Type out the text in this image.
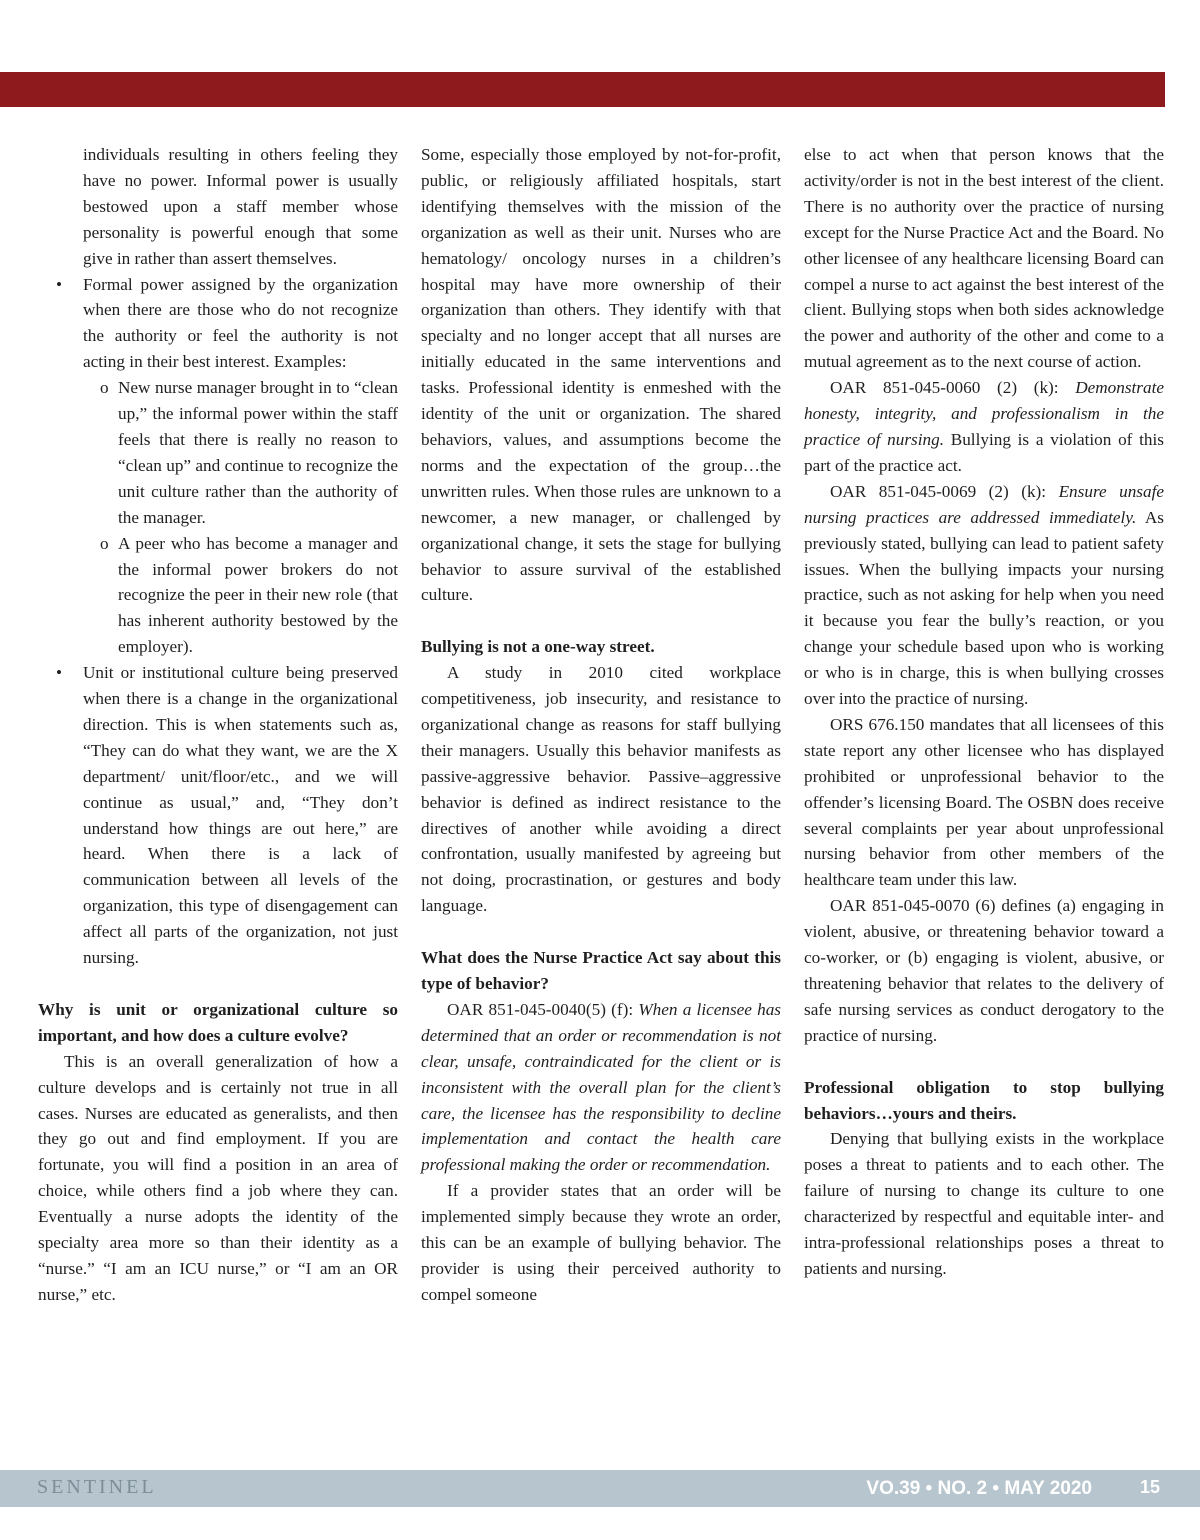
individuals resulting in others feeling they have no power. Informal power is usually bestowed upon a staff member whose personality is powerful enough that some give in rather than assert themselves.

• Formal power assigned by the organization when there are those who do not recognize the authority or feel the authority is not acting in their best interest. Examples:

o New nurse manager brought in to “clean up,” the informal power within the staff feels that there is really no reason to “clean up” and continue to recognize the unit culture rather than the authority of the manager.
o A peer who has become a manager and the informal power brokers do not recognize the peer in their new role (that has inherent authority bestowed by the employer).
• Unit or institutional culture being preserved when there is a change in the organizational direction. This is when statements such as, “They can do what they want, we are the X department/ unit/floor/etc., and we will continue as usual,” and, “They don’t understand how things are out here,” are heard. When there is a lack of communication between all levels of the organization, this type of disengagement can affect all parts of the organization, not just nursing.

Why is unit or organizational culture so important, and how does a culture evolve?

This is an overall generalization of how a culture develops and is certainly not true in all cases. Nurses are educated as generalists, and then they go out and find employment. If you are fortunate, you will find a position in an area of choice, while others find a job where they can. Eventually a nurse adopts the identity of the specialty area more so than their identity as a “nurse.” “I am an ICU nurse,” or “I am an OR nurse,” etc.

Some, especially those employed by not-for-profit, public, or religiously affiliated hospitals, start identifying themselves with the mission of the organization as well as their unit. Nurses who are hematology/ oncology nurses in a children’s hospital may have more ownership of their organization than others. They identify with that specialty and no longer accept that all nurses are initially educated in the same interventions and tasks. Professional identity is enmeshed with the identity of the unit or organization. The shared behaviors, values, and assumptions become the norms and the expectation of the group…the unwritten rules. When those rules are unknown to a newcomer, a new manager, or challenged by organizational change, it sets the stage for bullying behavior to assure survival of the established culture.

Bullying is not a one-way street.

A study in 2010 cited workplace competitiveness, job insecurity, and resistance to organizational change as reasons for staff bullying their managers. Usually this behavior manifests as passive-aggressive behavior. Passive–aggressive behavior is defined as indirect resistance to the directives of another while avoiding a direct confrontation, usually manifested by agreeing but not doing, procrastination, or gestures and body language.

What does the Nurse Practice Act say about this type of behavior?

OAR 851-045-0040(5) (f): When a licensee has determined that an order or recommendation is not clear, unsafe, contraindicated for the client or is inconsistent with the overall plan for the client’s care, the licensee has the responsibility to decline implementation and contact the health care professional making the order or recommendation.

If a provider states that an order will be implemented simply because they wrote an order, this can be an example of bullying behavior. The provider is using their perceived authority to compel someone

else to act when that person knows that the activity/order is not in the best interest of the client. There is no authority over the practice of nursing except for the Nurse Practice Act and the Board. No other licensee of any healthcare licensing Board can compel a nurse to act against the best interest of the client. Bullying stops when both sides acknowledge the power and authority of the other and come to a mutual agreement as to the next course of action.

OAR 851-045-0060 (2) (k): Demonstrate honesty, integrity, and professionalism in the practice of nursing. Bullying is a violation of this part of the practice act.

OAR 851-045-0069 (2) (k): Ensure unsafe nursing practices are addressed immediately. As previously stated, bullying can lead to patient safety issues. When the bullying impacts your nursing practice, such as not asking for help when you need it because you fear the bully’s reaction, or you change your schedule based upon who is working or who is in charge, this is when bullying crosses over into the practice of nursing.

ORS 676.150 mandates that all licensees of this state report any other licensee who has displayed prohibited or unprofessional behavior to the offender’s licensing Board. The OSBN does receive several complaints per year about unprofessional nursing behavior from other members of the healthcare team under this law.

OAR 851-045-0070 (6) defines (a) engaging in violent, abusive, or threatening behavior toward a co-worker, or (b) engaging is violent, abusive, or threatening behavior that relates to the delivery of safe nursing services as conduct derogatory to the practice of nursing.

Professional obligation to stop bullying behaviors…yours and theirs.

Denying that bullying exists in the workplace poses a threat to patients and to each other. The failure of nursing to change its culture to one characterized by respectful and equitable inter- and intra-professional relationships poses a threat to patients and nursing.

SENTINEL	VO.39 • NO. 2 • MAY 2020	15
